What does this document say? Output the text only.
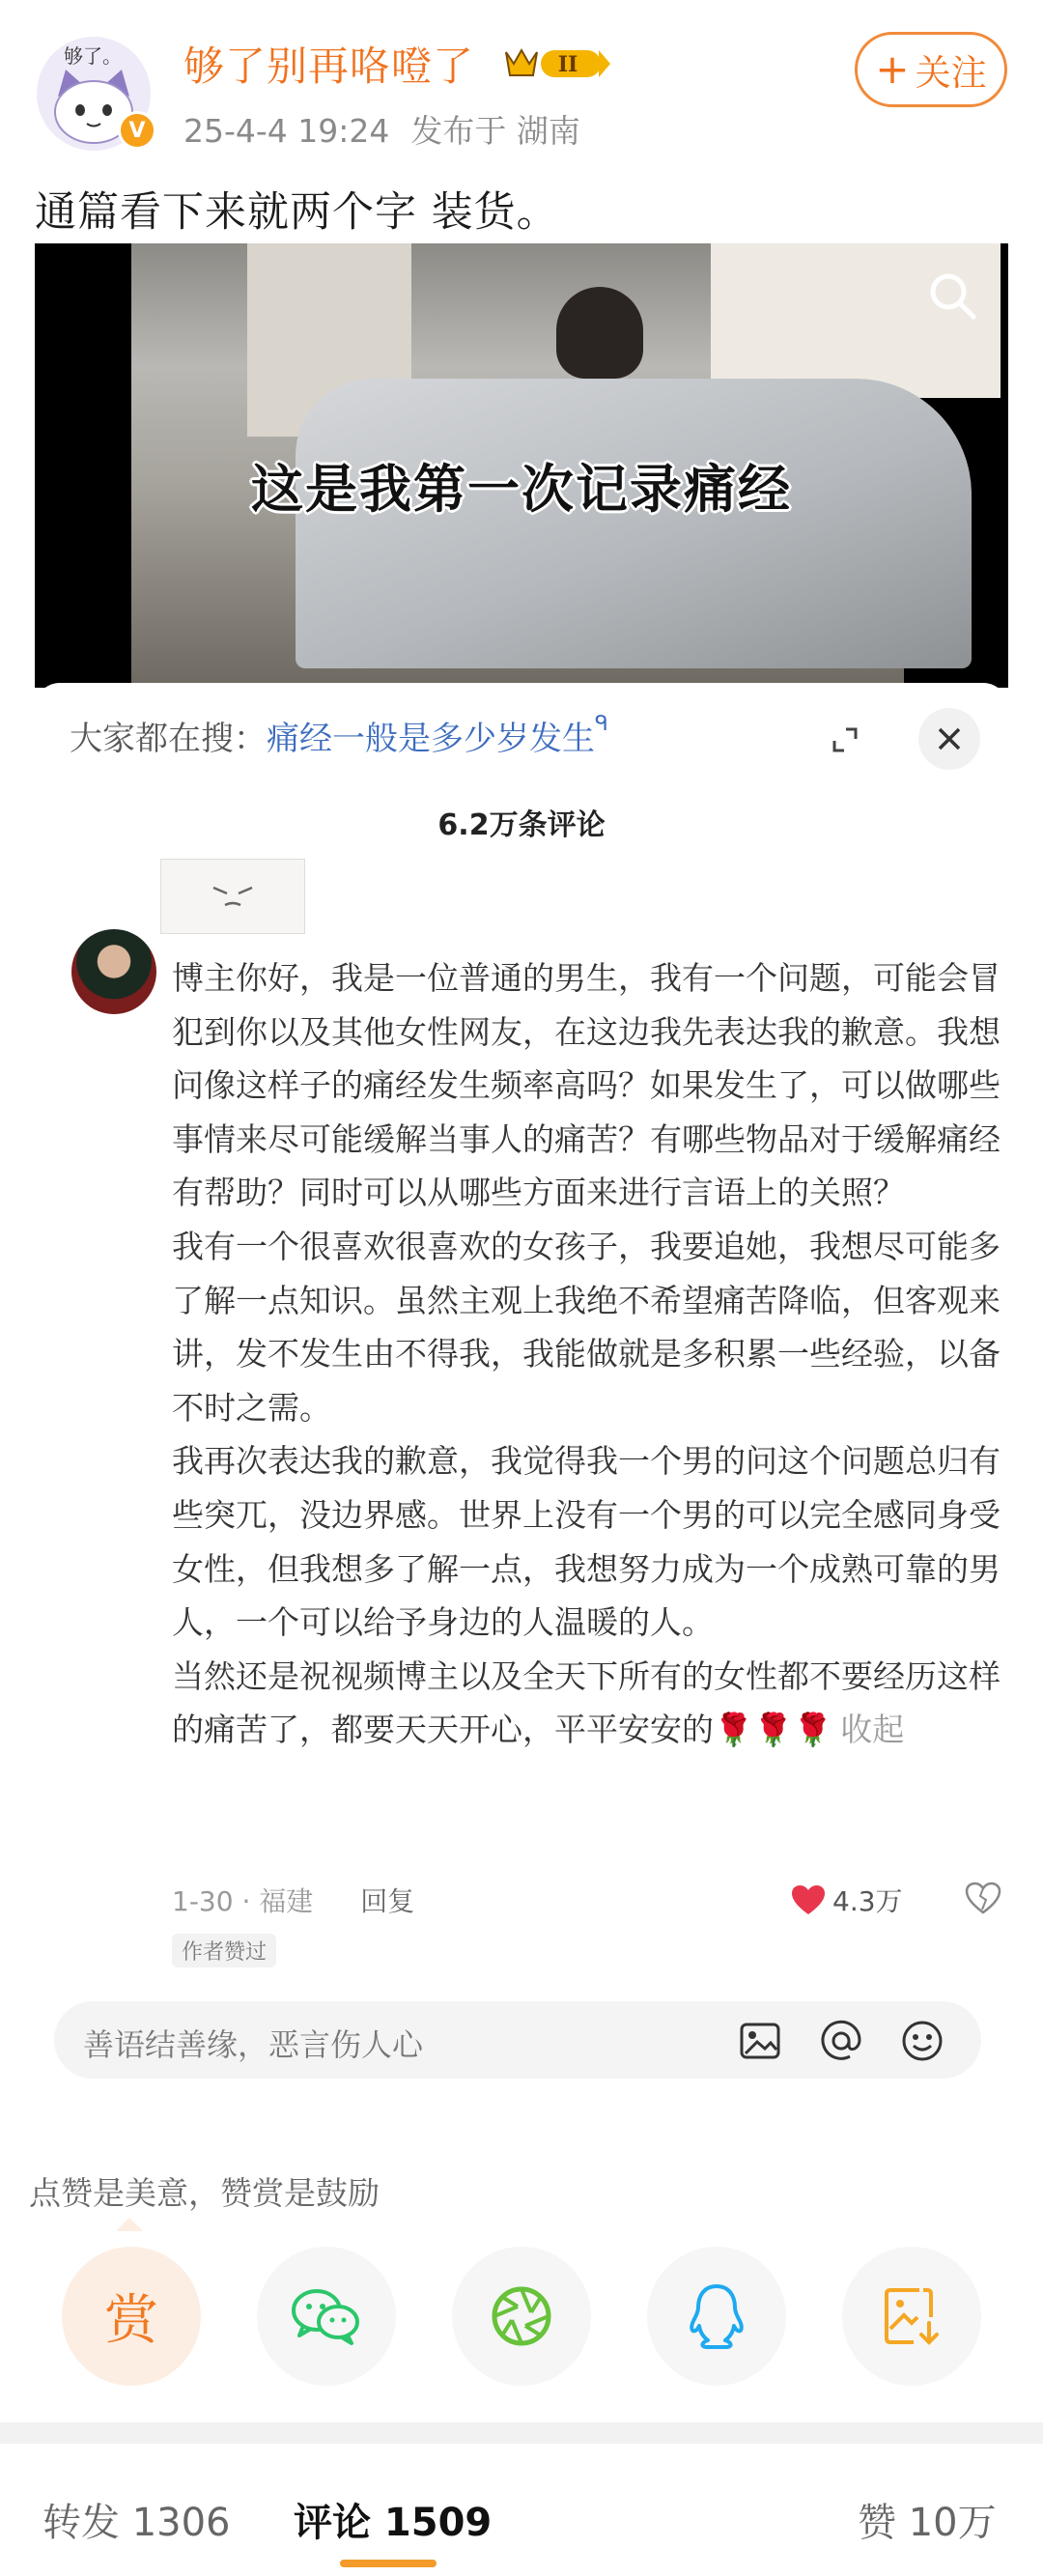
够了。
V
够了别再咯噔了	II
25-4-4 19:24 发布于 湖南
+ 关注
通篇看下来就两个字 装货。
这是我第一次记录痛经
大家都在搜：痛经一般是多少岁发生$^ᑫ$
6.2万条评论

博主你好，我是一位普通的男生，我有一个问题，可能会冒犯到你以及其他女性网友，在这边我先表达我的歉意。我想问像这样子的痛经发生频率高吗？如果发生了，可以做哪些事情来尽可能缓解当事人的痛苦？有哪些物品对于缓解痛经有帮助？同时可以从哪些方面来进行言语上的关照？

我有一个很喜欢很喜欢的女孩子，我要追她，我想尽可能多了解一点知识。虽然主观上我绝不希望痛苦降临，但客观来讲，发不发生由不得我，我能做就是多积累一些经验，以备不时之需。

我再次表达我的歉意，我觉得我一个男的问这个问题总归有些突兀，没边界感。世界上没有一个男的可以完全感同身受女性，但我想多了解一点，我想努力成为一个成熟可靠的男人，一个可以给予身边的人温暖的人。

当然还是祝视频博主以及全天下所有的女性都不要经历这样的痛苦了，都要天天开心，平平安安的🌹🌹🌹 收起

1-30 · 福建 回复	4.3万
作者赞过
善语结善缘，恶言伤人心
点赞是美意，赞赏是鼓励
赏
转发 1306 评论 1509	赞 10万
